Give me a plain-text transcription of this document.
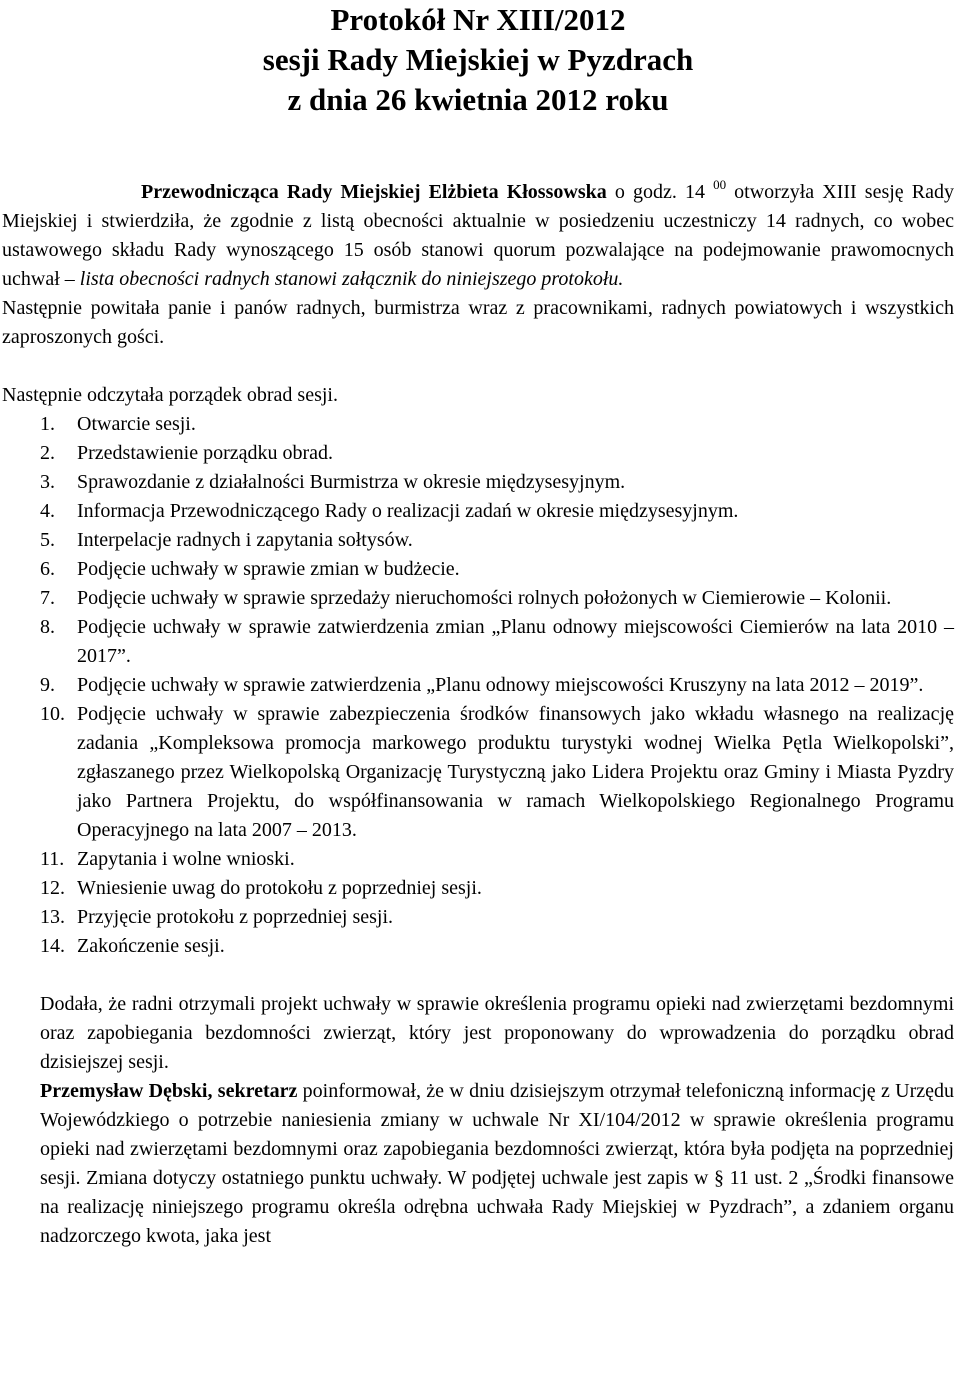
Protokół Nr XIII/2012
sesji Rady Miejskiej w Pyzdrach
z dnia 26 kwietnia 2012 roku

Przewodnicząca Rady Miejskiej Elżbieta Kłossowska o godz. 14 $^{00}$ otworzyła XIII sesję Rady Miejskiej i stwierdziła, że zgodnie z listą obecności aktualnie w posiedzeniu uczestniczy 14 radnych, co wobec ustawowego składu Rady wynoszącego 15 osób stanowi quorum pozwalające na podejmowanie prawomocnych uchwał – lista obecności radnych stanowi załącznik do niniejszego protokołu.

Następnie powitała panie i panów radnych, burmistrza wraz z pracownikami, radnych powiatowych i wszystkich zaproszonych gości.

Następnie odczytała porządek obrad sesji.

1. Otwarcie sesji.
2. Przedstawienie porządku obrad.
3. Sprawozdanie z działalności Burmistrza w okresie międzysesyjnym.
4. Informacja Przewodniczącego Rady o realizacji zadań w okresie międzysesyjnym.
5. Interpelacje radnych i zapytania sołtysów.
6. Podjęcie uchwały w sprawie zmian w budżecie.
7. Podjęcie uchwały w sprawie sprzedaży nieruchomości rolnych położonych w Ciemierowie – Kolonii.
8. Podjęcie uchwały w sprawie zatwierdzenia zmian „Planu odnowy miejscowości Ciemierów na lata 2010 – 2017”.
9. Podjęcie uchwały w sprawie zatwierdzenia „Planu odnowy miejscowości Kruszyny na lata 2012 – 2019”.
10. Podjęcie uchwały w sprawie zabezpieczenia środków finansowych jako wkładu własnego na realizację zadania „Kompleksowa promocja markowego produktu turystyki wodnej Wielka Pętla Wielkopolski”, zgłaszanego przez Wielkopolską Organizację Turystyczną jako Lidera Projektu oraz Gminy i Miasta Pyzdry jako Partnera Projektu, do współfinansowania w ramach Wielkopolskiego Regionalnego Programu Operacyjnego na lata 2007 – 2013.
11. Zapytania i wolne wnioski.
12. Wniesienie uwag do protokołu z poprzedniej sesji.
13. Przyjęcie protokołu z poprzedniej sesji.
14. Zakończenie sesji.

Dodała, że radni otrzymali projekt uchwały w sprawie określenia programu opieki nad zwierzętami bezdomnymi oraz zapobiegania bezdomności zwierząt, który jest proponowany do wprowadzenia do porządku obrad dzisiejszej sesji.

Przemysław Dębski, sekretarz poinformował, że w dniu dzisiejszym otrzymał telefoniczną informację z Urzędu Wojewódzkiego o potrzebie naniesienia zmiany w uchwale Nr XI/104/2012 w sprawie określenia programu opieki nad zwierzętami bezdomnymi oraz zapobiegania bezdomności zwierząt, która była podjęta na poprzedniej sesji. Zmiana dotyczy ostatniego punktu uchwały. W podjętej uchwale jest zapis w § 11 ust. 2 „Środki finansowe na realizację niniejszego programu określa odrębna uchwała Rady Miejskiej w Pyzdrach”, a zdaniem organu nadzorczego kwota, jaka jest
